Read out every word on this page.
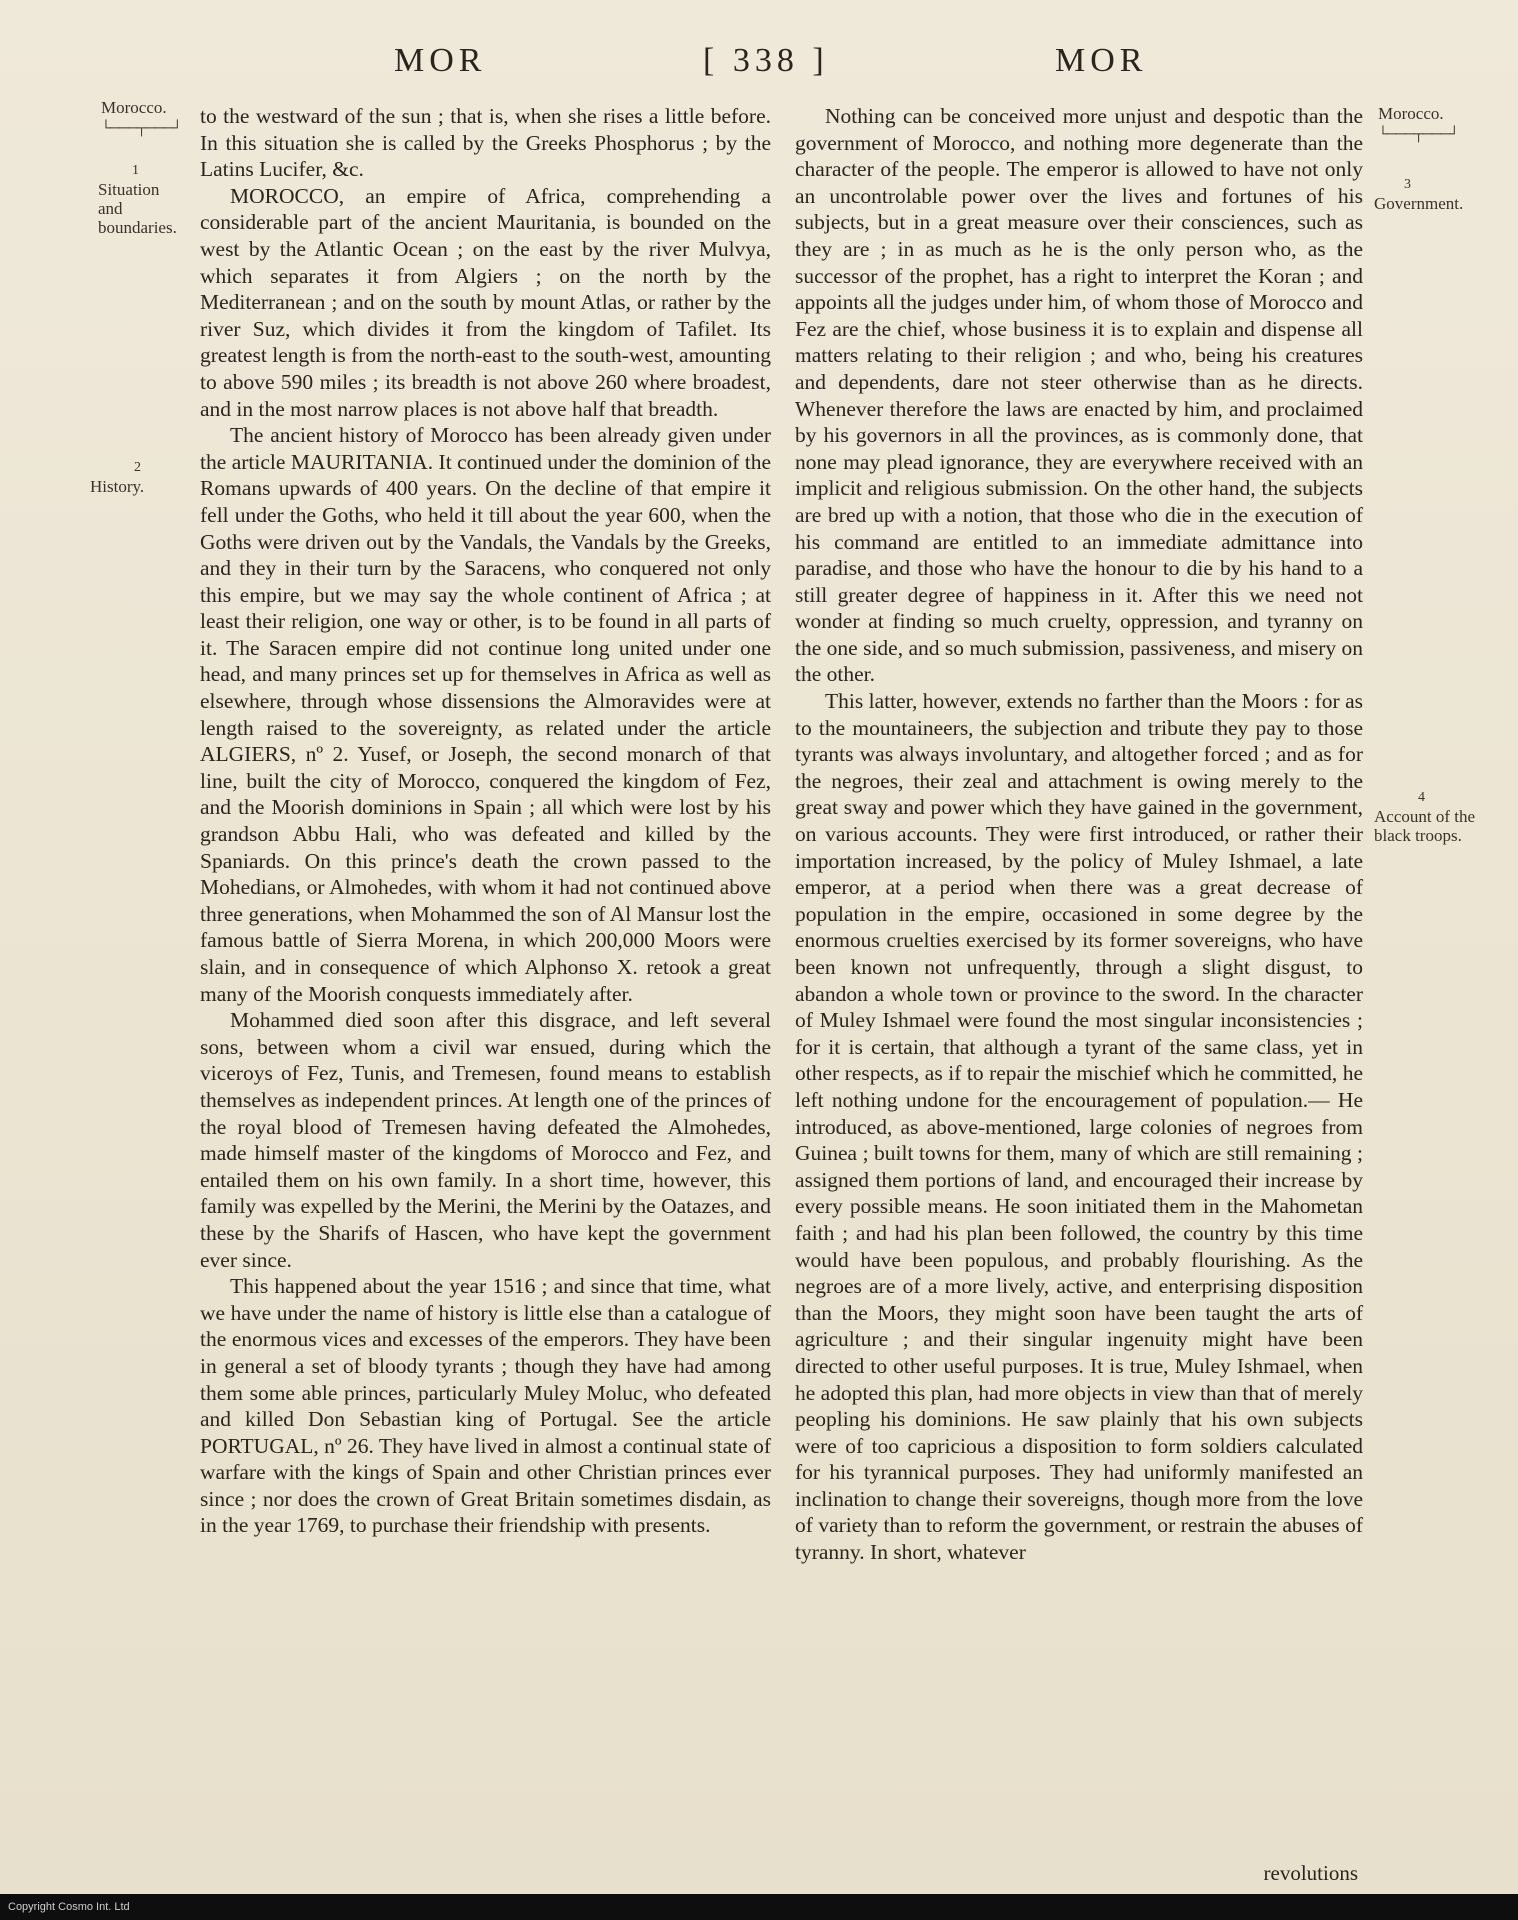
MOR	[ 338 ]	MOR
Morocco.
└───┬───┘
1
Situation and boundaries.
2
History.
Morocco.
└───┬───┘
3
Government.
4
Account of the black troops.

to the westward of the sun ; that is, when she rises a little before. In this situation she is called by the Greeks Phosphorus ; by the Latins Lucifer, &c.

MOROCCO, an empire of Africa, comprehending a considerable part of the ancient Mauritania, is bounded on the west by the Atlantic Ocean ; on the east by the river Mulvya, which separates it from Algiers ; on the north by the Mediterranean ; and on the south by mount Atlas, or rather by the river Suz, which divides it from the kingdom of Tafilet. Its greatest length is from the north-east to the south-west, amounting to above 590 miles ; its breadth is not above 260 where broadest, and in the most narrow places is not above half that breadth.

The ancient history of Morocco has been already given under the article MAURITANIA. It continued under the dominion of the Romans upwards of 400 years. On the decline of that empire it fell under the Goths, who held it till about the year 600, when the Goths were driven out by the Vandals, the Vandals by the Greeks, and they in their turn by the Saracens, who conquered not only this empire, but we may say the whole continent of Africa ; at least their religion, one way or other, is to be found in all parts of it. The Saracen empire did not continue long united under one head, and many princes set up for themselves in Africa as well as elsewhere, through whose dissensions the Almoravides were at length raised to the sovereignty, as related under the article ALGIERS, nº 2. Yusef, or Joseph, the second monarch of that line, built the city of Morocco, conquered the kingdom of Fez, and the Moorish dominions in Spain ; all which were lost by his grandson Abbu Hali, who was defeated and killed by the Spaniards. On this prince's death the crown passed to the Mohedians, or Almohedes, with whom it had not continued above three generations, when Mohammed the son of Al Mansur lost the famous battle of Sierra Morena, in which 200,000 Moors were slain, and in consequence of which Alphonso X. retook a great many of the Moorish conquests immediately after.

Mohammed died soon after this disgrace, and left several sons, between whom a civil war ensued, during which the viceroys of Fez, Tunis, and Tremesen, found means to establish themselves as independent princes. At length one of the princes of the royal blood of Tremesen having defeated the Almohedes, made himself master of the kingdoms of Morocco and Fez, and entailed them on his own family. In a short time, however, this family was expelled by the Merini, the Merini by the Oatazes, and these by the Sharifs of Hascen, who have kept the government ever since.

This happened about the year 1516 ; and since that time, what we have under the name of history is little else than a catalogue of the enormous vices and excesses of the emperors. They have been in general a set of bloody tyrants ; though they have had among them some able princes, particularly Muley Moluc, who defeated and killed Don Sebastian king of Portugal. See the article PORTUGAL, nº 26. They have lived in almost a continual state of warfare with the kings of Spain and other Christian princes ever since ; nor does the crown of Great Britain sometimes disdain, as in the year 1769, to purchase their friendship with presents.

Nothing can be conceived more unjust and despotic than the government of Morocco, and nothing more degenerate than the character of the people. The emperor is allowed to have not only an uncontrolable power over the lives and fortunes of his subjects, but in a great measure over their consciences, such as they are ; in as much as he is the only person who, as the successor of the prophet, has a right to interpret the Koran ; and appoints all the judges under him, of whom those of Morocco and Fez are the chief, whose business it is to explain and dispense all matters relating to their religion ; and who, being his creatures and dependents, dare not steer otherwise than as he directs. Whenever therefore the laws are enacted by him, and proclaimed by his governors in all the provinces, as is commonly done, that none may plead ignorance, they are everywhere received with an implicit and religious submission. On the other hand, the subjects are bred up with a notion, that those who die in the execution of his command are entitled to an immediate admittance into paradise, and those who have the honour to die by his hand to a still greater degree of happiness in it. After this we need not wonder at finding so much cruelty, oppression, and tyranny on the one side, and so much submission, passiveness, and misery on the other.

This latter, however, extends no farther than the Moors : for as to the mountaineers, the subjection and tribute they pay to those tyrants was always involuntary, and altogether forced ; and as for the negroes, their zeal and attachment is owing merely to the great sway and power which they have gained in the government, on various accounts. They were first introduced, or rather their importation increased, by the policy of Muley Ishmael, a late emperor, at a period when there was a great decrease of population in the empire, occasioned in some degree by the enormous cruelties exercised by its former sovereigns, who have been known not unfrequently, through a slight disgust, to abandon a whole town or province to the sword. In the character of Muley Ishmael were found the most singular inconsistencies ; for it is certain, that although a tyrant of the same class, yet in other respects, as if to repair the mischief which he committed, he left nothing undone for the encouragement of population.— He introduced, as above-mentioned, large colonies of negroes from Guinea ; built towns for them, many of which are still remaining ; assigned them portions of land, and encouraged their increase by every possible means. He soon initiated them in the Mahometan faith ; and had his plan been followed, the country by this time would have been populous, and probably flourishing. As the negroes are of a more lively, active, and enterprising disposition than the Moors, they might soon have been taught the arts of agriculture ; and their singular ingenuity might have been directed to other useful purposes. It is true, Muley Ishmael, when he adopted this plan, had more objects in view than that of merely peopling his dominions. He saw plainly that his own subjects were of too capricious a disposition to form soldiers calculated for his tyrannical purposes. They had uniformly manifested an inclination to change their sovereigns, though more from the love of variety than to reform the government, or restrain the abuses of tyranny. In short, whatever

revolutions
Copyright Cosmo Int. Ltd
